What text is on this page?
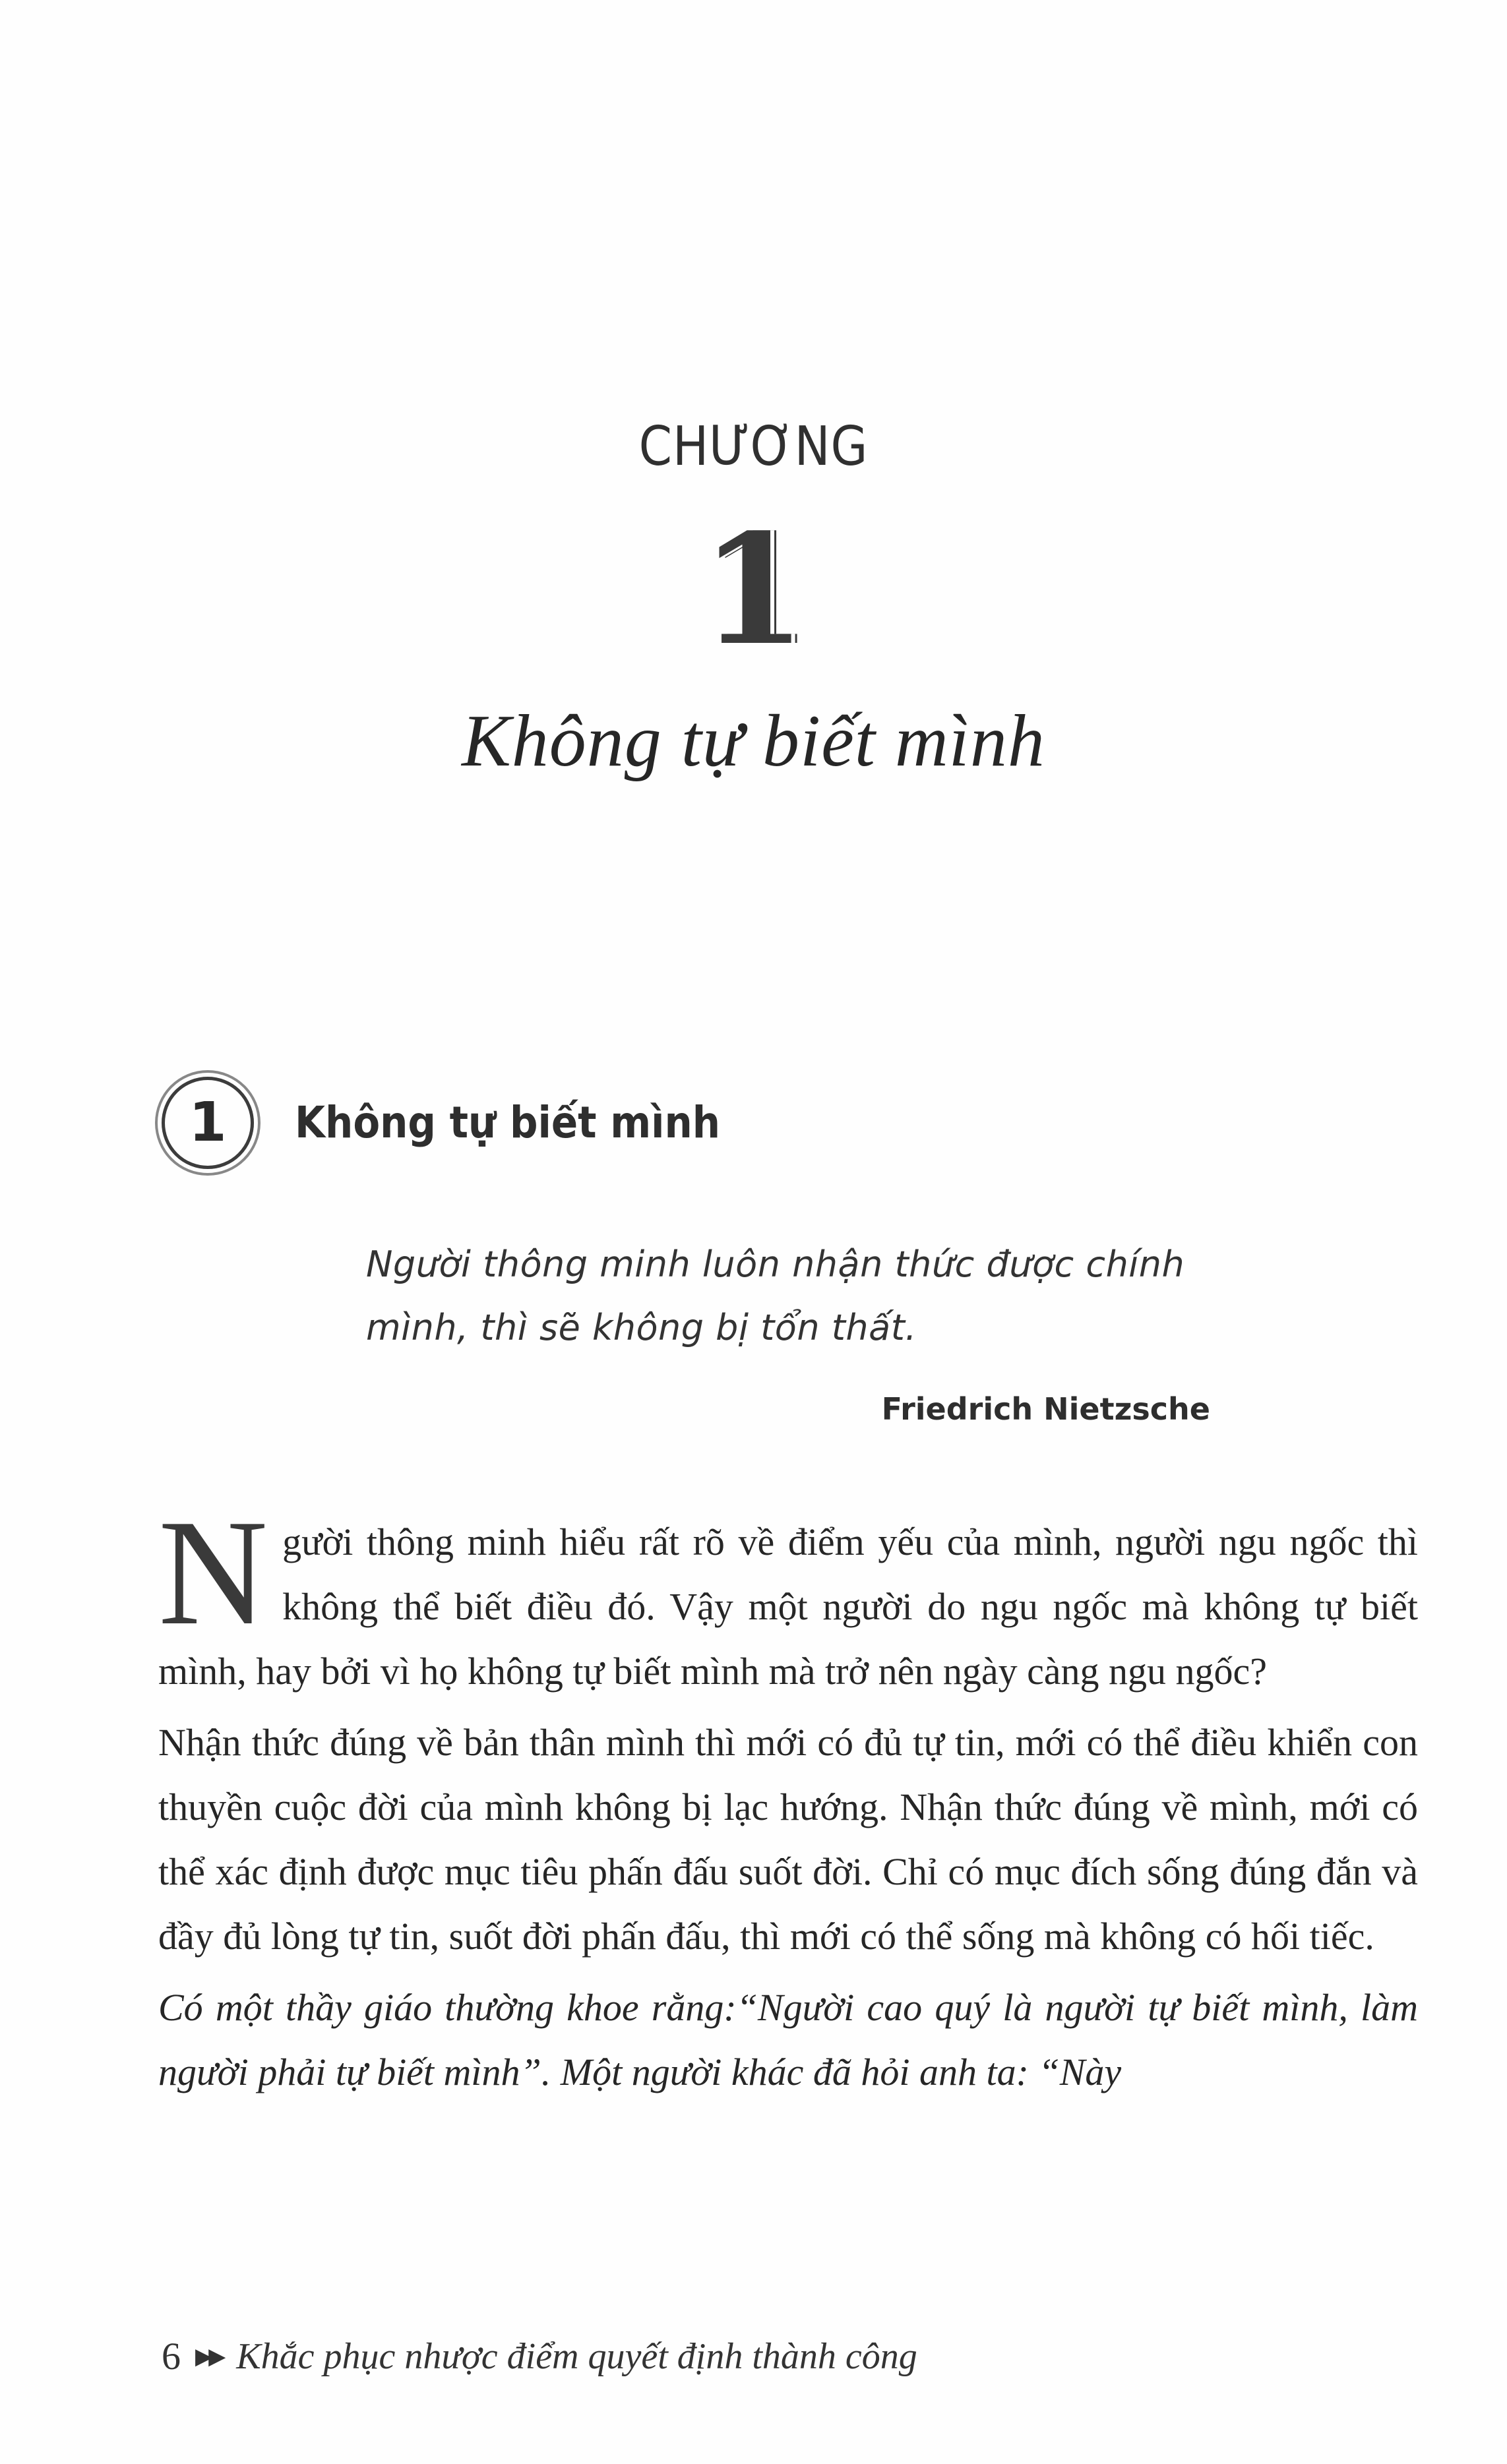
CHƯƠNG
1
Không tự biết mình
1	Không tự biết mình
Người thông minh luôn nhận thức được chính mình, thì sẽ không bị tổn thất.
Friedrich Nietzsche

Người thông minh hiểu rất rõ về điểm yếu của mình, người ngu ngốc thì không thể biết điều đó. Vậy một người do ngu ngốc mà không tự biết mình, hay bởi vì họ không tự biết mình mà trở nên ngày càng ngu ngốc?

Nhận thức đúng về bản thân mình thì mới có đủ tự tin, mới có thể điều khiển con thuyền cuộc đời của mình không bị lạc hướng. Nhận thức đúng về mình, mới có thể xác định được mục tiêu phấn đấu suốt đời. Chỉ có mục đích sống đúng đắn và đầy đủ lòng tự tin, suốt đời phấn đấu, thì mới có thể sống mà không có hối tiếc.

Có một thầy giáo thường khoe rằng:“Người cao quý là người tự biết mình, làm người phải tự biết mình”. Một người khác đã hỏi anh ta: “Này

6 ▶▶ Khắc phục nhược điểm quyết định thành công
